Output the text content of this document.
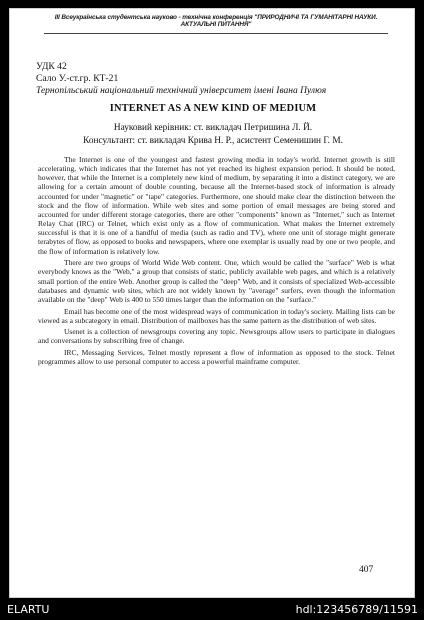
III Всеукраїнська студентська науково - технічна конференція "ПРИРОДНИЧІ ТА ГУМАНІТАРНІ НАУКИ. АКТУАЛЬНІ ПИТАННЯ"
УДК 42
Сало У.-ст.гр. КТ-21
Тернопільський національний технічний університет імені Івана Пулюя
INTERNET AS A NEW KIND OF MEDIUM
Науковий керівник: ст. викладач Петришина Л. Й.
Консультант: ст. викладач Крива Н. Р., асистент Семенишин Г. М.

The Internet is one of the youngest and fastest growing media in today's world. Internet growth is still accelerating, which indicates that the Internet has not yet reached its highest expansion period. It should be noted, however, that while the Internet is a completely new kind of medium, by separating it into a distinct category, we are allowing for a certain amount of double counting, because all the Internet-based stock of information is already accounted for under "magnetic" or "tape" categories. Furthermore, one should make clear the distinction between the stock and the flow of information. While web sites and some portion of email messages are being stored and accounted for under different storage categories, there are other "components" known as "Internet," such as Internet Relay Chat (IRC) or Telnet, which exist only as a flow of communication. What makes the Internet extremely successful is that it is one of a handful of media (such as radio and TV), where one unit of storage might generate terabytes of flow, as opposed to books and newspapers, where one exemplar is usually read by one or two people, and the flow of information is relatively low.

There are two groups of World Wide Web content. One, which would be called the "surface" Web is what everybody knows as the "Web," a group that consists of static, publicly available web pages, and which is a relatively small portion of the entire Web. Another group is called the "deep" Web, and it consists of specialized Web-accessible databases and dynamic web sites, which are not widely known by "average" surfers, even though the information available on the "deep" Web is 400 to 550 times larger than the information on the "surface."

Email has become one of the most widespread ways of communication in today's society. Mailing lists can be viewed as a subcategory in email. Distribution of mailboxes has the same pattern as the distribution of web sites.

Usenet is a collection of newsgroups covering any topic. Newsgroups allow users to participate in dialogues and conversations by subscribing free of change.

IRC, Messaging Services, Telnet mostly represent a flow of information as opposed to the stock. Telnet programmes allow to use personal computer to access a powerful mainframe computer.

407
ELARTU	hdl:123456789/11591
